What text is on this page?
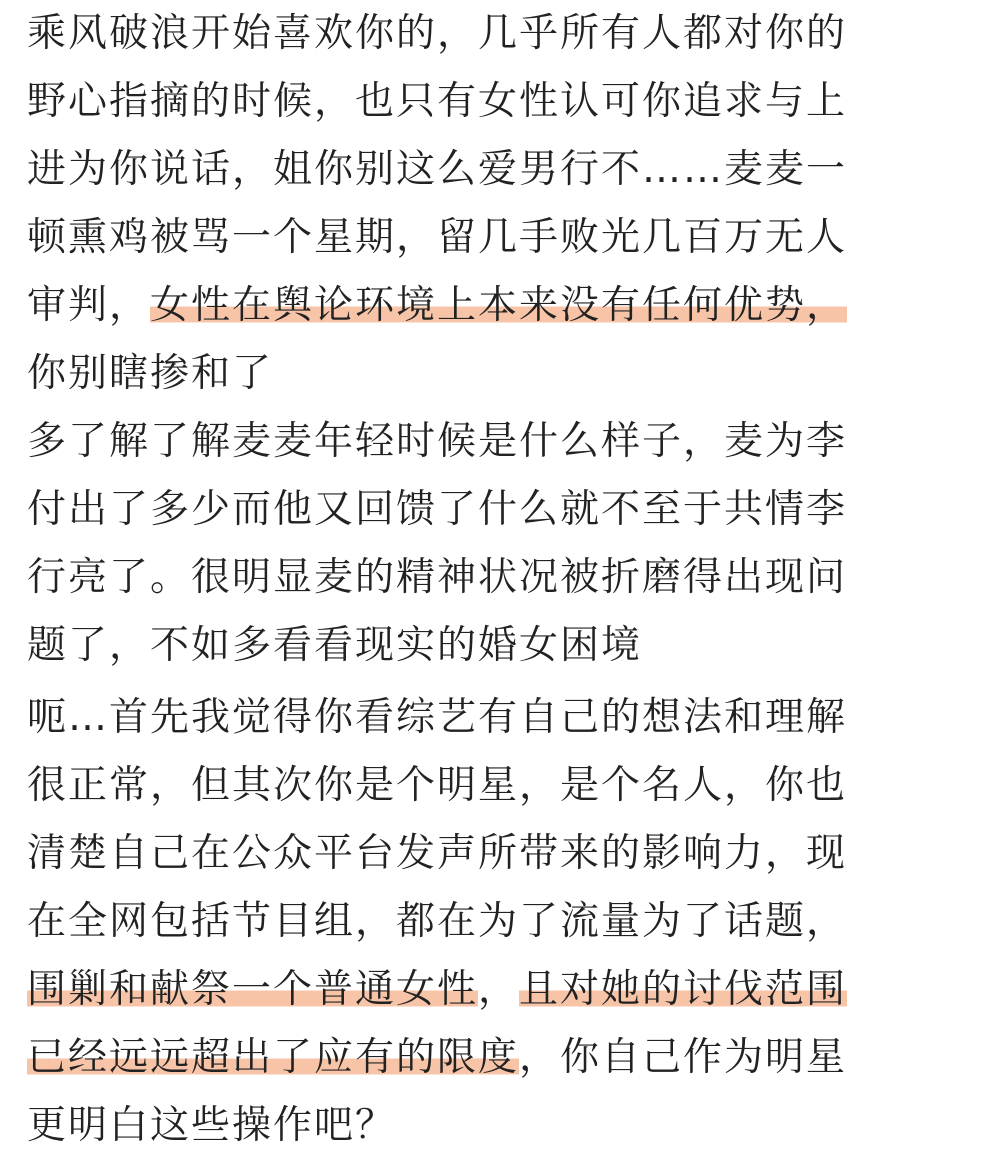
乘风破浪开始喜欢你的，几乎所有人都对你的
野心指摘的时候，也只有女性认可你追求与上
进为你说话，姐你别这么爱男行不……麦麦一
顿熏鸡被骂一个星期，留几手败光几百万无人
审判，女性在舆论环境上本来没有任何优势，
你别瞎掺和了
多了解了解麦麦年轻时候是什么样子，麦为李
付出了多少而他又回馈了什么就不至于共情李
行亮了。很明显麦的精神状况被折磨得出现问
题了，不如多看看现实的婚女困境
呃…首先我觉得你看综艺有自己的想法和理解
很正常，但其次你是个明星，是个名人，你也
清楚自己在公众平台发声所带来的影响力，现
在全网包括节目组，都在为了流量为了话题，
围剿和献祭一个普通女性，且对她的讨伐范围
已经远远超出了应有的限度，你自己作为明星
更明白这些操作吧？
